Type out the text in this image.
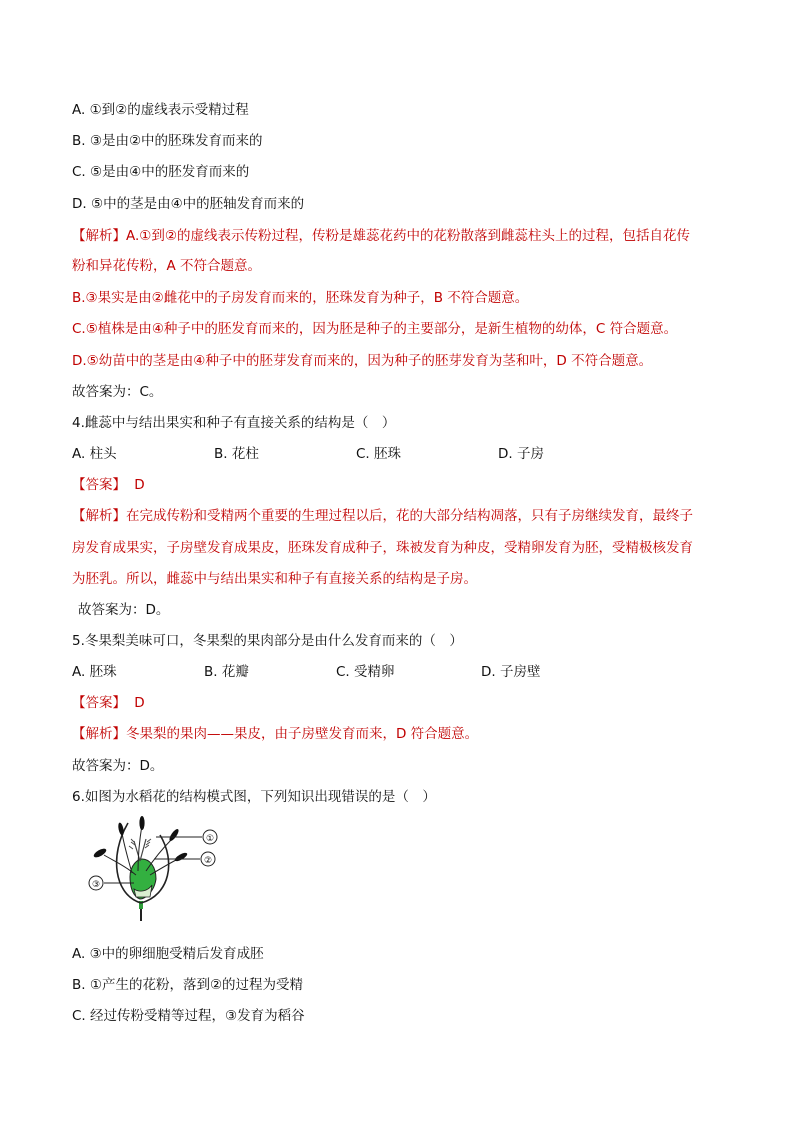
A. ①到②的虚线表示受精过程
B. ③是由②中的胚珠发育而来的
C. ⑤是由④中的胚发育而来的
D. ⑤中的茎是由④中的胚轴发育而来的
【解析】A.①到②的虚线表示传粉过程，传粉是雄蕊花药中的花粉散落到雌蕊柱头上的过程，包括自花传
粉和异花传粉，A 不符合题意。
B.③果实是由②雌花中的子房发育而来的，胚珠发育为种子，B 不符合题意。
C.⑤植株是由④种子中的胚发育而来的，因为胚是种子的主要部分，是新生植物的幼体，C 符合题意。
D.⑤幼苗中的茎是由④种子中的胚芽发育而来的，因为种子的胚芽发育为茎和叶，D 不符合题意。
故答案为：C。
4.雌蕊中与结出果实和种子有直接关系的结构是（　）
A. 柱头	B. 花柱	C. 胚珠	D. 子房
【答案】 D
【解析】在完成传粉和受精两个重要的生理过程以后，花的大部分结构凋落，只有子房继续发育，最终子
房发育成果实，子房壁发育成果皮，胚珠发育成种子，珠被发育为种皮，受精卵发育为胚，受精极核发育
为胚乳。所以，雌蕊中与结出果实和种子有直接关系的结构是子房。
故答案为：D。
5.冬果梨美味可口，冬果梨的果肉部分是由什么发育而来的（　）
A. 胚珠	B. 花瓣	C. 受精卵	D. 子房壁
【答案】 D
【解析】冬果梨的果肉——果皮，由子房壁发育而来，D 符合题意。
故答案为：D。
6.如图为水稻花的结构模式图，下列知识出现错误的是（　）
①
②
③
A. ③中的卵细胞受精后发育成胚
B. ①产生的花粉，落到②的过程为受精
C. 经过传粉受精等过程，③发育为稻谷
